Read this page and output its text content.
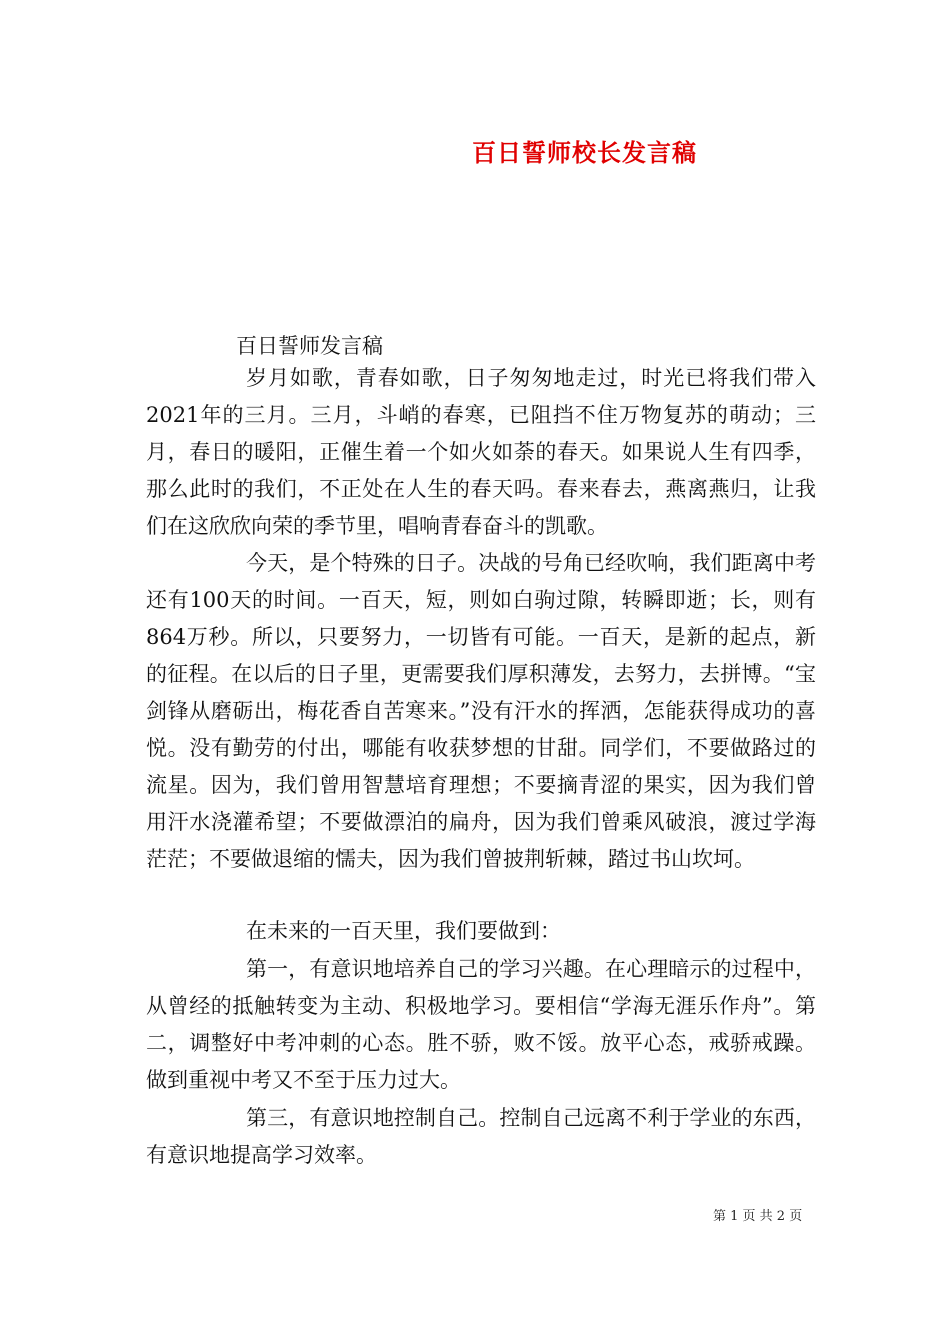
百日誓师校长发言稿
百日誓师发言稿
岁月如歌，青春如歌，日子匆匆地走过，时光已将我们带入2021年的三月。三月，斗峭的春寒，已阻挡不住万物复苏的萌动；三月，春日的暖阳，正催生着一个如火如荼的春天。如果说人生有四季，那么此时的我们，不正处在人生的春天吗。春来春去，燕离燕归，让我们在这欣欣向荣的季节里，唱响青春奋斗的凯歌。
今天，是个特殊的日子。决战的号角已经吹响，我们距离中考还有100天的时间。一百天，短，则如白驹过隙，转瞬即逝；长，则有864万秒。所以，只要努力，一切皆有可能。一百天，是新的起点，新的征程。在以后的日子里，更需要我们厚积薄发，去努力，去拼博。“宝剑锋从磨砺出，梅花香自苦寒来。”没有汗水的挥洒，怎能获得成功的喜悦。没有勤劳的付出，哪能有收获梦想的甘甜。同学们，不要做路过的流星。因为，我们曾用智慧培育理想；不要摘青涩的果实，因为我们曾用汗水浇灌希望；不要做漂泊的扁舟，因为我们曾乘风破浪，渡过学海茫茫；不要做退缩的懦夫，因为我们曾披荆斩棘，踏过书山坎坷。
在未来的一百天里，我们要做到：
第一，有意识地培养自己的学习兴趣。在心理暗示的过程中，从曾经的抵触转变为主动、积极地学习。要相信“学海无涯乐作舟”。第二，调整好中考冲刺的心态。胜不骄，败不馁。放平心态，戒骄戒躁。做到重视中考又不至于压力过大。
第三，有意识地控制自己。控制自己远离不利于学业的东西，有意识地提高学习效率。
第 1 页 共 2 页
